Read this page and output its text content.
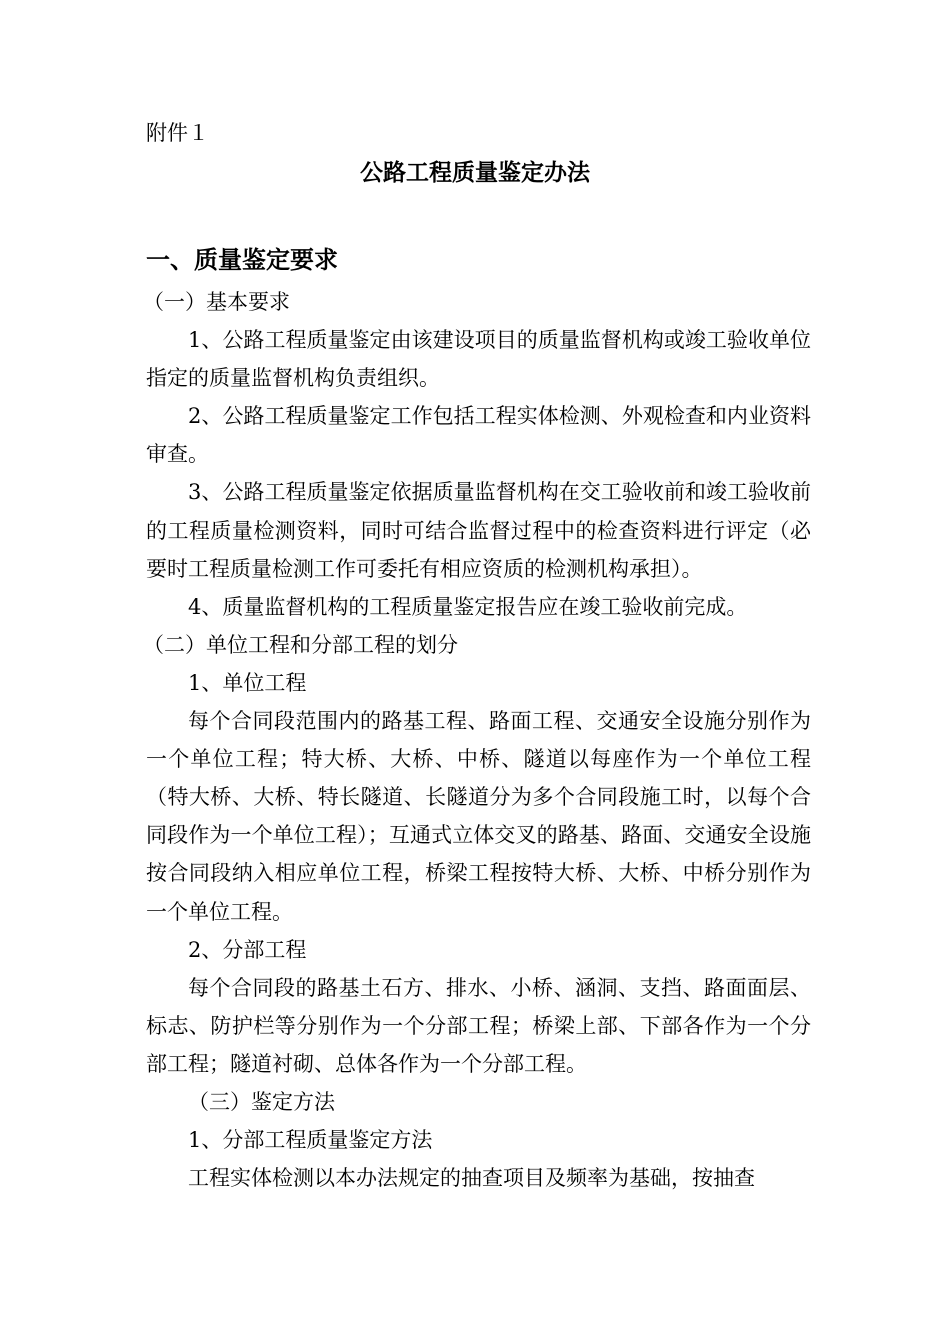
附件１
公路工程质量鉴定办法
一、质量鉴定要求

（一）基本要求

1、公路工程质量鉴定由该建设项目的质量监督机构或竣工验收单位指定的质量监督机构负责组织。

2、公路工程质量鉴定工作包括工程实体检测、外观检查和内业资料审查。

3、公路工程质量鉴定依据质量监督机构在交工验收前和竣工验收前的工程质量检测资料，同时可结合监督过程中的检查资料进行评定（必要时工程质量检测工作可委托有相应资质的检测机构承担）。

4、质量监督机构的工程质量鉴定报告应在竣工验收前完成。

（二）单位工程和分部工程的划分

1、单位工程

每个合同段范围内的路基工程、路面工程、交通安全设施分别作为一个单位工程；特大桥、大桥、中桥、隧道以每座作为一个单位工程（特大桥、大桥、特长隧道、长隧道分为多个合同段施工时，以每个合同段作为一个单位工程）；互通式立体交叉的路基、路面、交通安全设施按合同段纳入相应单位工程，桥梁工程按特大桥、大桥、中桥分别作为一个单位工程。

2、分部工程

每个合同段的路基土石方、排水、小桥、涵洞、支挡、路面面层、标志、防护栏等分别作为一个分部工程；桥梁上部、下部各作为一个分部工程；隧道衬砌、总体各作为一个分部工程。

（三）鉴定方法

1、分部工程质量鉴定方法

工程实体检测以本办法规定的抽查项目及频率为基础，按抽查
